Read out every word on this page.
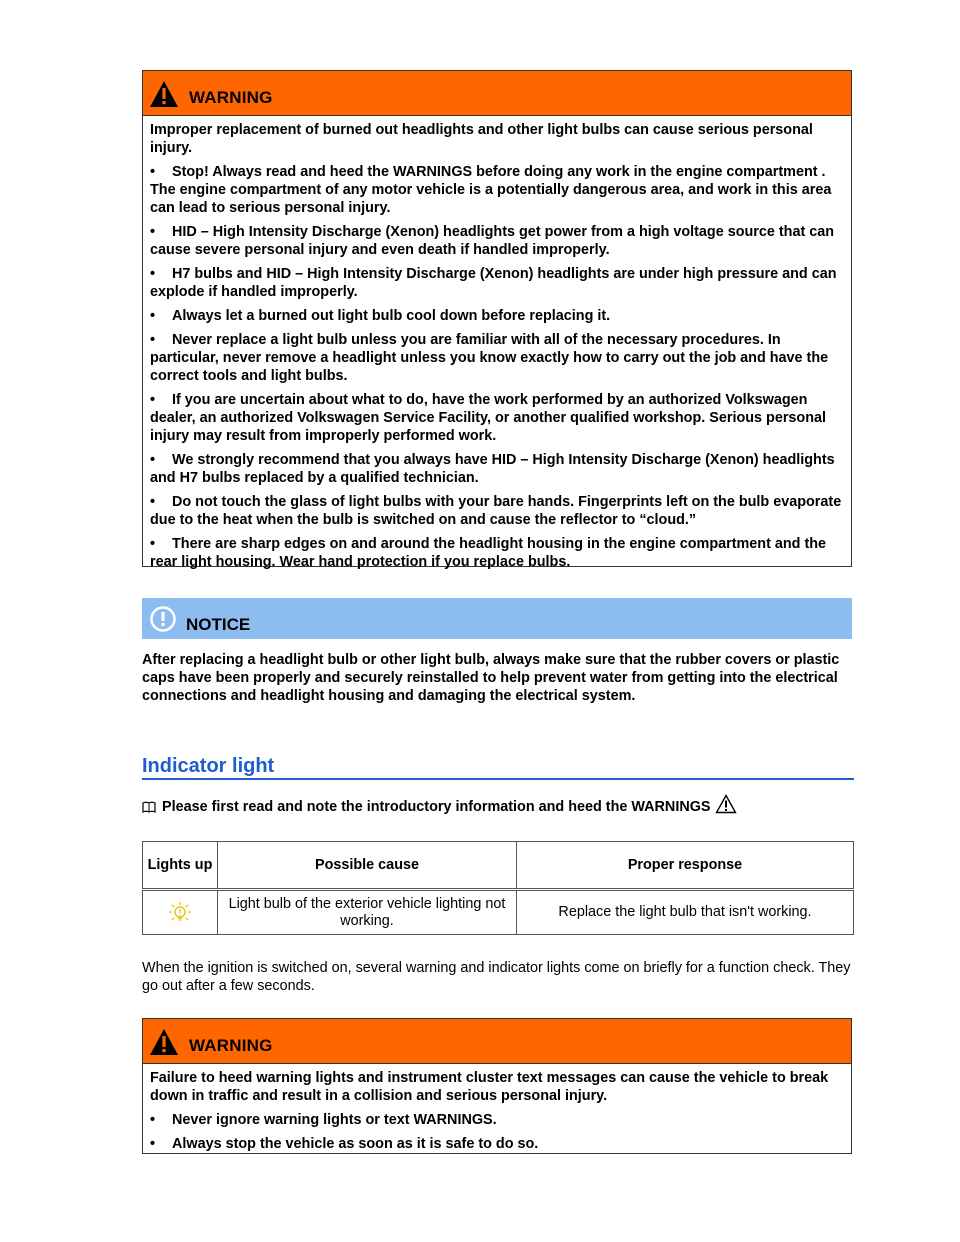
WARNING

Improper replacement of burned out headlights and other light bulbs can cause serious personal injury.

• Stop! Always read and heed the WARNINGS before doing any work in the engine compartment . The engine compartment of any motor vehicle is a potentially dangerous area, and work in this area can lead to serious personal injury.

• HID – High Intensity Discharge (Xenon) headlights get power from a high voltage source that can cause severe personal injury and even death if handled improperly.

• H7 bulbs and HID – High Intensity Discharge (Xenon) headlights are under high pressure and can explode if handled improperly.

• Always let a burned out light bulb cool down before replacing it.

• Never replace a light bulb unless you are familiar with all of the necessary procedures. In particular, never remove a headlight unless you know exactly how to carry out the job and have the correct tools and light bulbs.

• If you are uncertain about what to do, have the work performed by an authorized Volkswagen dealer, an authorized Volkswagen Service Facility, or another qualified workshop. Serious personal injury may result from improperly performed work.

• We strongly recommend that you always have HID – High Intensity Discharge (Xenon) headlights and H7 bulbs replaced by a qualified technician.

• Do not touch the glass of light bulbs with your bare hands. Fingerprints left on the bulb evaporate due to the heat when the bulb is switched on and cause the reflector to “cloud.”

• There are sharp edges on and around the headlight housing in the engine compartment and the rear light housing. Wear hand protection if you replace bulbs.

NOTICE
After replacing a headlight bulb or other light bulb, always make sure that the rubber covers or plastic caps have been properly and securely reinstalled to help prevent water from getting into the electrical connections and headlight housing and damaging the electrical system.
Indicator light
Please first read and note the introductory information and heed the WARNINGS
Lights up	Possible cause	Proper response

	Light bulb of the exterior vehicle lighting not working.	Replace the light bulb that isn't working.
When the ignition is switched on, several warning and indicator lights come on briefly for a function check. They go out after a few seconds.
WARNING

Failure to heed warning lights and instrument cluster text messages can cause the vehicle to break down in traffic and result in a collision and serious personal injury.

• Never ignore warning lights or text WARNINGS.

• Always stop the vehicle as soon as it is safe to do so.
